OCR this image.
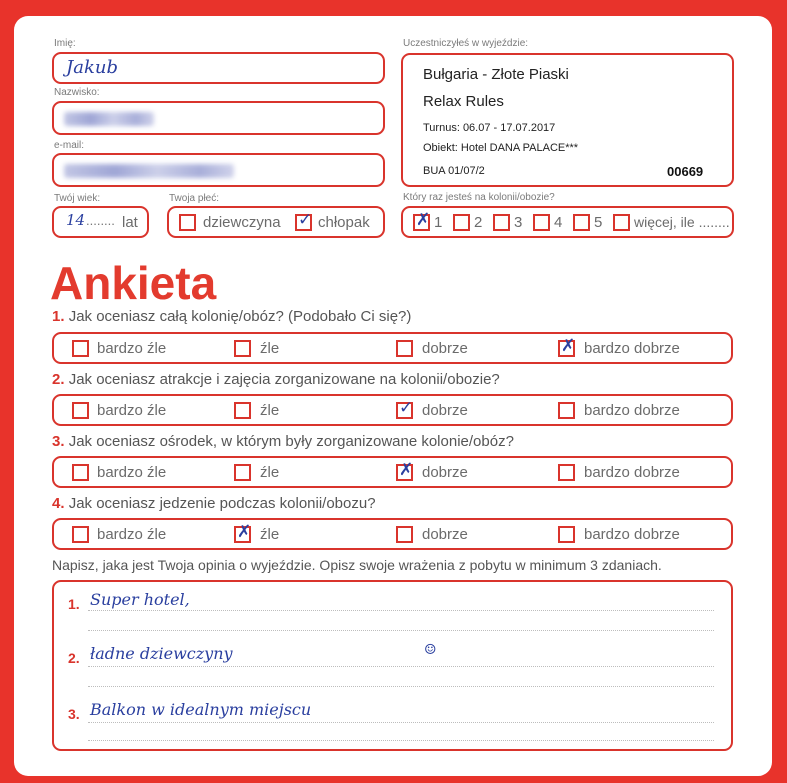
Imię:
Jakub
Nazwisko:
e-mail:
Twój wiek:
14 ........ lat
Twoja płeć:
dziewczyna ✓ chłopak
Uczestniczyłeś w wyjeździe:
Bułgaria - Złote Piaski
Relax Rules
Turnus: 06.07 - 17.07.2017
Obiekt: Hotel DANA PALACE***
BUA 01/07/2	00669
Który raz jesteś na kolonii/obozie?
✗ 1 2 3 4 5 więcej, ile ........
Ankieta
1. Jak oceniasz całą kolonię/obóz? (Podobało Ci się?)
bardzo źle	źle	dobrze	✗ bardzo dobrze
2. Jak oceniasz atrakcje i zajęcia zorganizowane na kolonii/obozie?
bardzo źle	źle	✓ dobrze	bardzo dobrze
3. Jak oceniasz ośrodek, w którym były zorganizowane kolonie/obóz?
bardzo źle	źle	✗ dobrze	bardzo dobrze
4. Jak oceniasz jedzenie podczas kolonii/obozu?
bardzo źle	✗ źle	dobrze	bardzo dobrze
Napisz, jaka jest Twoja opinia o wyjeździe. Opisz swoje wrażenia z pobytu w minimum 3 zdaniach.
1. Super hotel,
2. ładne dziewczyny	☺
3. Balkon w idealnym miejscu
